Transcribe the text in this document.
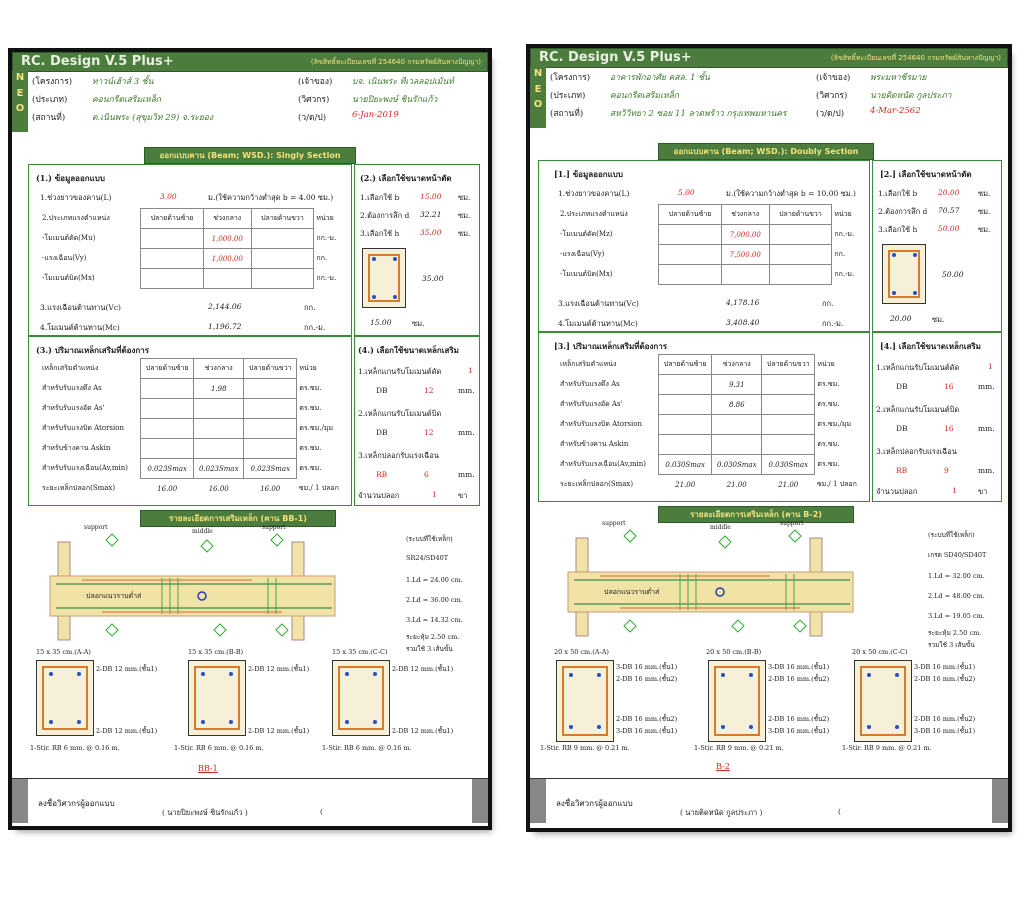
RC. Design V.5 Plus+	(ลิขสิทธิ์ทะเบียนเลขที่ 254640 กรมทรัพย์สินทางปัญญา)
N
E
O
(โครงการ) ทาวน์เฮ้าส์ 3 ชั้น	(เจ้าของ) บจ. เนินพระ ทีเวลลอปเม้นท์
(ประเภท)	คอนกรีตเสริมเหล็ก	(วิศวกร)	นายปิยะพงษ์ ชินรักแก้ว
(สถานที่)	ต.เนินพระ (สุขุมวิท 29) จ.ระยอง	(ว/ด/ป)	6-Jan-2019
ออกแบบคาน (Beam; WSD.): Singly Section
(1.) ข้อมูลออกแบบ
1.ช่วงยาวของคาน(L)	3.00	ม.(ใช้ความกว้างต่ำสุด b = 4.00 ซม.)
2.ประเภทแรงตำแหน่ง	ปลายด้านซ้าย	ช่วงกลาง	ปลายด้านขวา	หน่วย
-โมเมนต์ดัด(Mu)		1,000.00		กก.-ม.
-แรงเฉือน(Vy)		1,000.00		กก.
-โมเมนต์บิด(Mx)				กก.-ม.
3.แรงเฉือนต้านทาน(Vc)	2,144.06	กก.
4.โมเมนต์ต้านทาน(Mc)	1,196.72	กก.-ม.
(2.) เลือกใช้ขนาดหน้าตัด
1.เลือกใช้ b	15.00 ซม.
2.ต้องการลึก d 32.21 ซม.
3.เลือกใช้ h	35.00 ซม.
35.00
15.00	ซม.
(3.) ปริมาณเหล็กเสริมที่ต้องการ
เหล็กเสริมตำแหน่ง	ปลายด้านซ้าย	ช่วงกลาง	ปลายด้านขวา	หน่วย
สำหรับรับแรงดึง As		1.98		ตร.ซม.
สำหรับรับแรงอัด As'				ตร.ซม.
สำหรับรับแรงบิด Atorsion				ตร.ซม./มุม
สำหรับข้างคาน Askin				ตร.ซม.
สำหรับรับแรงเฉือน(Av,min)	0.023Smax	0.023Smax	0.023Smax	ตร.ซม.
ระยะเหล็กปลอก(Smax)	16.00	16.00	16.00	ซม./ 1 ปลอก
(4.) เลือกใช้ขนาดเหล็กเสริม
1.เหล็กแกนรับโมเมนต์ดัด	1
DB	12	mm.
2.เหล็กแกนรับโมเมนต์บิด
DB	12	mm.
3.เหล็กปลอกรับแรงเฉือน
RB	6	mm.
จำนวนปลอก	1	ขา
รายละเอียดการเสริมเหล็ก (คาน BB-1)
ปลอกแนวราบต่ำส่
support
middle
support
(ระบบที่ใช้เหล็ก)
SR24/SD40T
1.Ld = 24.00 cm.
2.Ld = 36.00 cm.
3.Ld = 14.32 cm.
ระยะหุ้ม 2.50 cm.
รวมใช้ 3 เส้นขั้น
15 x 35 cm.(A-A)	15 x 35 cm.(B-B)	15 x 35 cm.(C-C)
2-DB 12 mm.(ชั้น1)
2-DB 12 mm.(ชั้น1)
2-DB 12 mm.(ชั้น1)
2-DB 12 mm.(ชั้น1)
2-DB 12 mm.(ชั้น1)
2-DB 12 mm.(ชั้น1)
1-Stir. RB 6 mm. @ 0.16 m.	1-Stir. RB 6 mm. @ 0.16 m.	1-Stir. RB 6 mm. @ 0.16 m.
BB-1
ลงชื่อวิศวกรผู้ออกแบบ
( นายปิยะพงษ์ ชินรักแก้ว )	(
RC. Design V.5 Plus+	(ลิขสิทธิ์ทะเบียนเลขที่ 254640 กรมทรัพย์สินทางปัญญา)
N
E
O
(โครงการ) อาคารพักอาศัย คสล. 1 ชั้น	(เจ้าของ) พระมหาชีรมาย
(ประเภท)	คอนกรีตเสริมเหล็ก	(วิศวกร)	นายติดหนัด กูลประภา
(สถานที่)	สหวิวิทยา 2 ซอย 11 ลาดพร้าว กรุงเทพมหานคร	(ว/ด/ป)	4-Mar-2562
ออกแบบคาน (Beam; WSD.): Doubly Section
[1.] ข้อมูลออกแบบ
1.ช่วงยาวของคาน(L)	5.00	ม.(ใช้ความกว้างต่ำสุด b = 10.00 ซม.)
2.ประเภทแรงตำแหน่ง	ปลายด้านซ้าย	ช่วงกลาง	ปลายด้านขวา	หน่วย
-โมเมนต์ดัด(Mz)		7,000.00		กก.-ม.
-แรงเฉือน(Vy)		7,500.00		กก.
-โมเมนต์บิด(Mx)				กก.-ม.
3.แรงเฉือนต้านทาน(Vc)	4,178.16	กก.
4.โมเมนต์ต้านทาน(Mc)	3,408.40	กก.-ม.
[2.] เลือกใช้ขนาดหน้าตัด
1.เลือกใช้ b	20.00 ซม.
2.ต้องการลึก d 70.57 ซม.
3.เลือกใช้ h	50.00 ซม.
50.00
20.00	ซม.
[3.] ปริมาณเหล็กเสริมที่ต้องการ
เหล็กเสริมตำแหน่ง	ปลายด้านซ้าย	ช่วงกลาง	ปลายด้านขวา	หน่วย
สำหรับรับแรงดึง As		9.31		ตร.ซม.
สำหรับรับแรงอัด As'		8.86		ตร.ซม.
สำหรับรับแรงบิด Atorsion				ตร.ซม./มุม
สำหรับข้างคาน Askin				ตร.ซม.
สำหรับรับแรงเฉือน(Av,min)	0.030Smax	0.030Smax	0.030Smax	ตร.ซม.
ระยะเหล็กปลอก(Smax)	21.00	21.00	21.00	ซม./ 1 ปลอก
[4.] เลือกใช้ขนาดเหล็กเสริม
1.เหล็กแกนรับโมเมนต์ดัด	1
DB	16	mm.
2.เหล็กแกนรับโมเมนต์บิด
DB	16	mm.
3.เหล็กปลอกรับแรงเฉือน
RB	9	mm.
จำนวนปลอก	1	ขา
รายละเอียดการเสริมเหล็ก (คาน B-2)
ปลอกแนวราบต่ำส่
support
middle
support
(ระบบที่ใช้เหล็ก)
เกรด SD40/SD40T
1.Ld = 32.00 cm.
2.Ld = 48.00 cm.
3.Ld = 19.05 cm.
ระยะหุ้ม 2.50 cm.
รวมใช้ 3 เส้นขั้น
20 x 50 cm.(A-A)	20 x 50 cm.(B-B)	20 x 50 cm.(C-C)
3-DB 16 mm.(ชั้น1)
2-DB 16 mm.(ชั้น2)
2-DB 16 mm.(ชั้น2)
3-DB 16 mm.(ชั้น1)
3-DB 16 mm.(ชั้น1)
2-DB 16 mm.(ชั้น2)
2-DB 16 mm.(ชั้น2)
3-DB 16 mm.(ชั้น1)
3-DB 16 mm.(ชั้น1)
2-DB 16 mm.(ชั้น2)
2-DB 16 mm.(ชั้น2)
3-DB 16 mm.(ชั้น1)
1-Stir. RB 9 mm. @ 0.21 m.	1-Stir. RB 9 mm. @ 0.21 m.	1-Stir. RB 9 mm. @ 0.21 m.
B-2
ลงชื่อวิศวกรผู้ออกแบบ
( นายติดหนัด กูลประภา )	(
